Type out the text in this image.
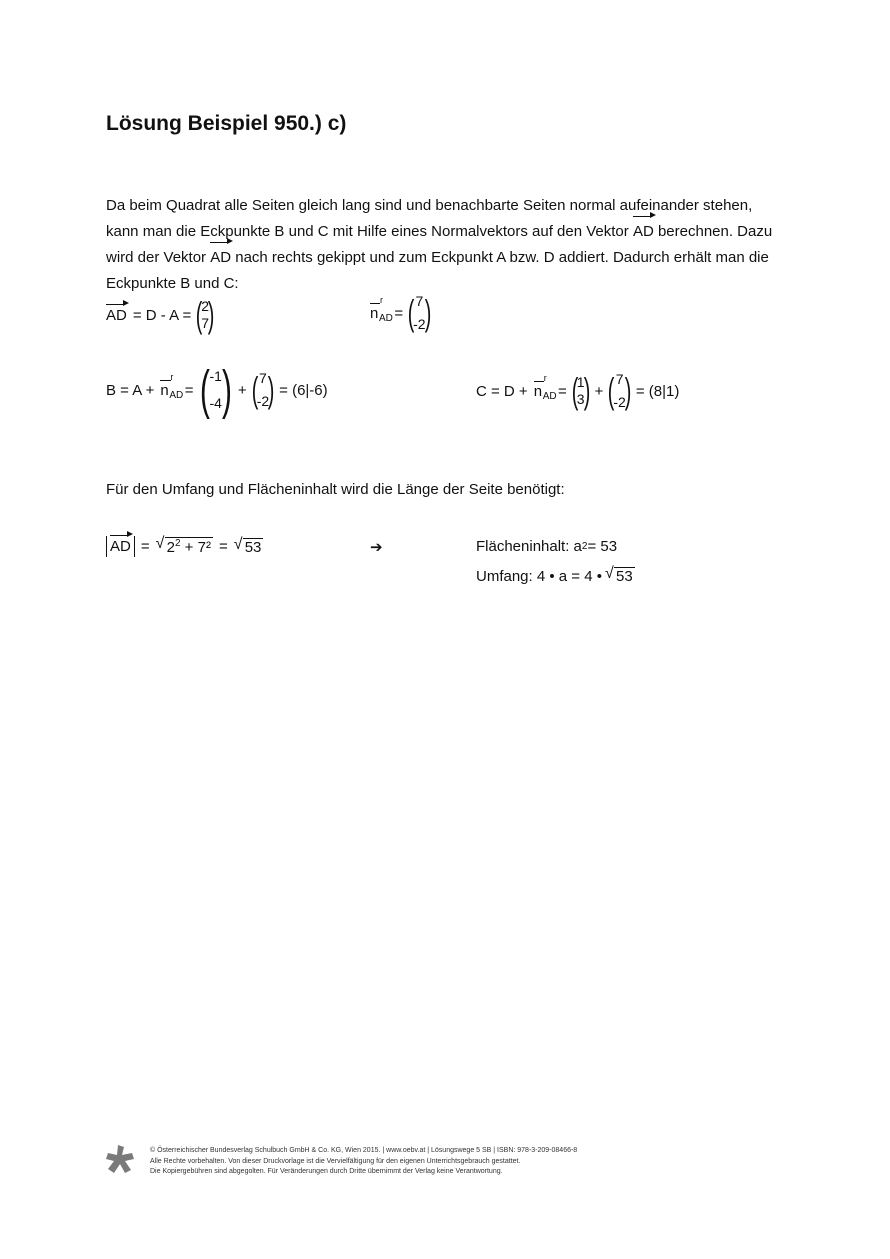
Lösung Beispiel 950.) c)

Da beim Quadrat alle Seiten gleich lang sind und benachbarte Seiten normal aufeinander stehen, kann man die Eckpunkte B und C mit Hilfe eines Normalvektors auf den Vektor AD berechnen. Dazu wird der Vektor AD nach rechts gekippt und zum Eckpunkt A bzw. D addiert. Dadurch erhält man die Eckpunkte B und C:

AD = D - A = (
2
7
)	n
r
AD = ( 7
-2
)
B = A + n
r
AD = ( -1
-4 ) + ( 7
-2
) = (6|-6)	C = D + n
r
AD = (
1
3
) + ( 7
-2
) = (8|1)

Für den Umfang und Flächeninhalt wird die Länge der Seite benötigt:

AD = √ $2^2 + 7^2$ = √ 53	➔	Flächeninhalt: a 2 = 53
Umfang: 4 • a = 4 • √ 53
© Österreichischer Bundesverlag Schulbuch GmbH & Co. KG, Wien 2015. | www.oebv.at | Lösungswege 5 SB | ISBN: 978-3-209-08466-8
Alle Rechte vorbehalten. Von dieser Druckvorlage ist die Vervielfältigung für den eigenen Unterrichtsgebrauch gestattet.
Die Kopiergebühren sind abgegolten. Für Veränderungen durch Dritte übernimmt der Verlag keine Verantwortung.
